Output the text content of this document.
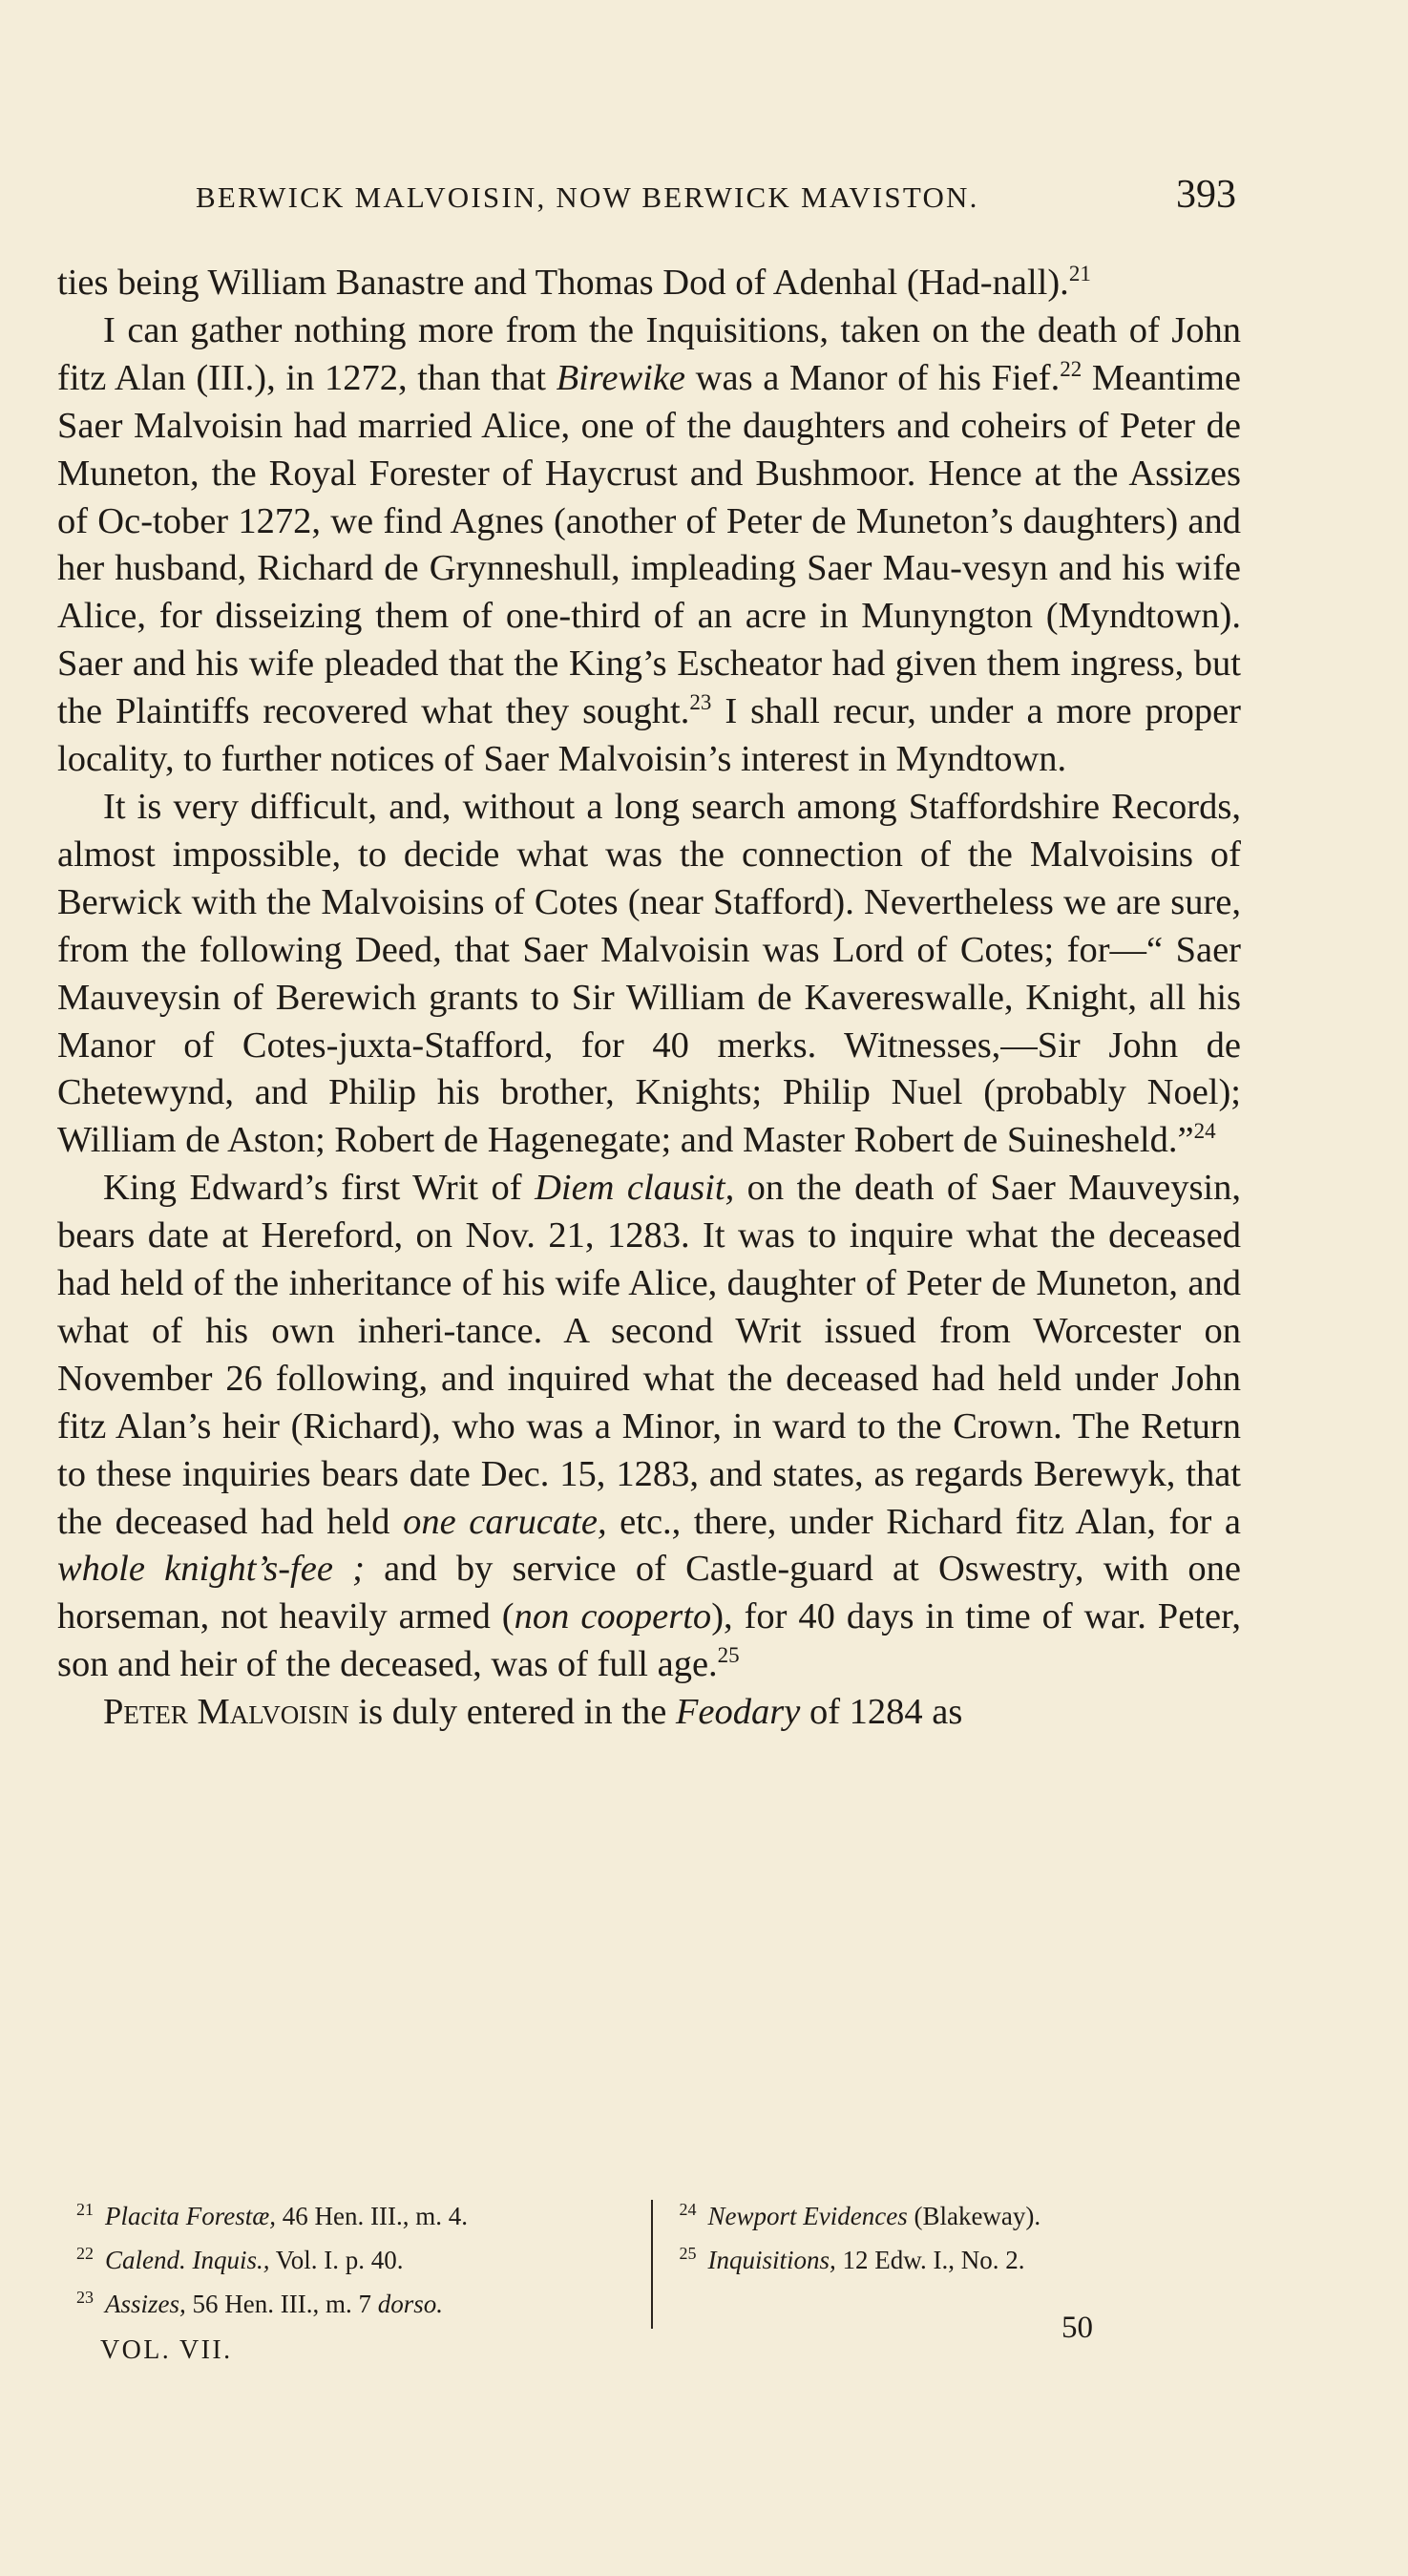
BERWICK MALVOISIN, NOW BERWICK MAVISTON.	393

ties being William Banastre and Thomas Dod of Adenhal (Had-nall).$^{21}$

I can gather nothing more from the Inquisitions, taken on the death of John fitz Alan (III.), in 1272, than that Birewike was a Manor of his Fief.$^{22}$ Meantime Saer Malvoisin had married Alice, one of the daughters and coheirs of Peter de Muneton, the Royal Forester of Haycrust and Bushmoor. Hence at the Assizes of Oc-tober 1272, we find Agnes (another of Peter de Muneton’s daughters) and her husband, Richard de Grynneshull, impleading Saer Mau-vesyn and his wife Alice, for disseizing them of one-third of an acre in Munyngton (Myndtown). Saer and his wife pleaded that the King’s Escheator had given them ingress, but the Plaintiffs recovered what they sought.$^{23}$ I shall recur, under a more proper locality, to further notices of Saer Malvoisin’s interest in Myndtown.

It is very difficult, and, without a long search among Staffordshire Records, almost impossible, to decide what was the connection of the Malvoisins of Berwick with the Malvoisins of Cotes (near Stafford). Nevertheless we are sure, from the following Deed, that Saer Malvoisin was Lord of Cotes; for—“ Saer Mauveysin of Berewich grants to Sir William de Kavereswalle, Knight, all his Manor of Cotes-juxta-Stafford, for 40 merks. Witnesses,—Sir John de Chetewynd, and Philip his brother, Knights; Philip Nuel (probably Noel); William de Aston; Robert de Hagenegate; and Master Robert de Suinesheld.”$^{24}$

King Edward’s first Writ of Diem clausit, on the death of Saer Mauveysin, bears date at Hereford, on Nov. 21, 1283. It was to inquire what the deceased had held of the inheritance of his wife Alice, daughter of Peter de Muneton, and what of his own inheri-tance. A second Writ issued from Worcester on November 26 following, and inquired what the deceased had held under John fitz Alan’s heir (Richard), who was a Minor, in ward to the Crown. The Return to these inquiries bears date Dec. 15, 1283, and states, as regards Berewyk, that the deceased had held one carucate, etc., there, under Richard fitz Alan, for a whole knight’s-fee ; and by service of Castle-guard at Oswestry, with one horseman, not heavily armed (non cooperto), for 40 days in time of war. Peter, son and heir of the deceased, was of full age.$^{25}$

Peter Malvoisin is duly entered in the Feodary of 1284 as

$^{21}$ Placita Forestæ, 46 Hen. III., m. 4.
$^{22}$ Calend. Inquis., Vol. I. p. 40.
$^{23}$ Assizes, 56 Hen. III., m. 7 dorso.
$^{24}$ Newport Evidences (Blakeway).
$^{25}$ Inquisitions, 12 Edw. I., No. 2.
VOL. VII.
50
